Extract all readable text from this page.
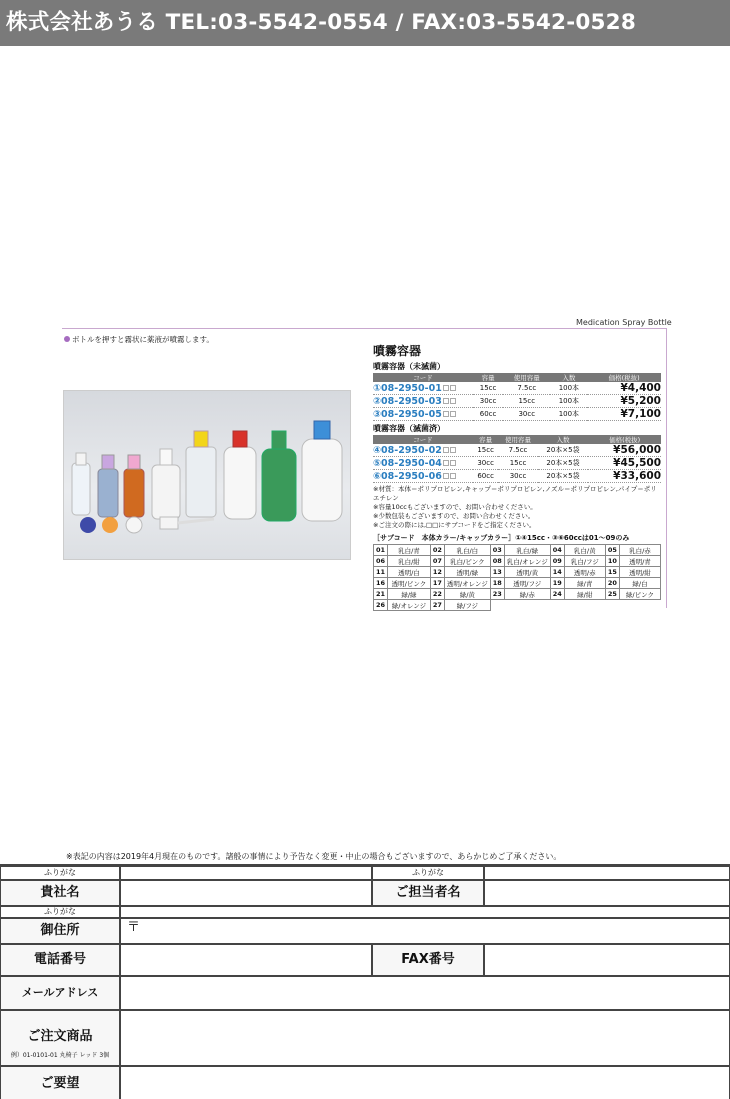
株式会社あうる TEL:03-5542-0554 / FAX:03-5542-0528
Medication Spray Bottle
ボトルを押すと霧状に薬液が噴霧します。
噴霧容器
噴霧容器（未滅菌）
コード	容量	使用容量	入数	価格(税抜)
①08-2950-01	15cc	7.5cc	100本	¥4,400
②08-2950-03	30cc	15cc	100本	¥5,200
③08-2950-05	60cc	30cc	100本	¥7,100
噴霧容器（滅菌済）
コード	容量	使用容量	入数	価格(税抜)
④08-2950-02	15cc	7.5cc	20本×5袋	¥56,000
⑤08-2950-04	30cc	15cc	20本×5袋	¥45,500
⑥08-2950-06	60cc	30cc	20本×5袋	¥33,600
※材質：本体＝ポリプロピレン,キャップ＝ポリプロピレン,ノズル＝ポリプロピレン,パイプ＝ポリエチレン
※容量10ccもございますので、お問い合わせください。
※少数包装もございますので、お問い合わせください。
※ご注文の際には,□□にサブコードをご指定ください。
［サブコード　本体カラー/キャップカラー］①④15cc・③⑥60ccは01～09のみ
01	乳白/青	02	乳白/白	03	乳白/緑	04	乳白/黄	05	乳白/赤
06	乳白/紺	07	乳白/ピンク	08	乳白/オレンジ	09	乳白/フジ	10	透明/青
11	透明/白	12	透明/緑	13	透明/黄	14	透明/赤	15	透明/紺
16	透明/ピンク	17	透明/オレンジ	18	透明/フジ	19	緑/青	20	緑/白
21	緑/緑	22	緑/黄	23	緑/赤	24	緑/紺	25	緑/ピンク
26	緑/オレンジ	27	緑/フジ						
※表記の内容は2019年4月現在のものです。諸般の事情により予告なく変更・中止の場合もございますので、あらかじめご了承ください。
ふりがな	ふりがな
貴社名	ご担当者名
ふりがな
御住所	〒
電話番号	FAX番号
メールアドレス
ご注文商品
例）01-0101-01 丸椅子 レッド 3個
ご要望
